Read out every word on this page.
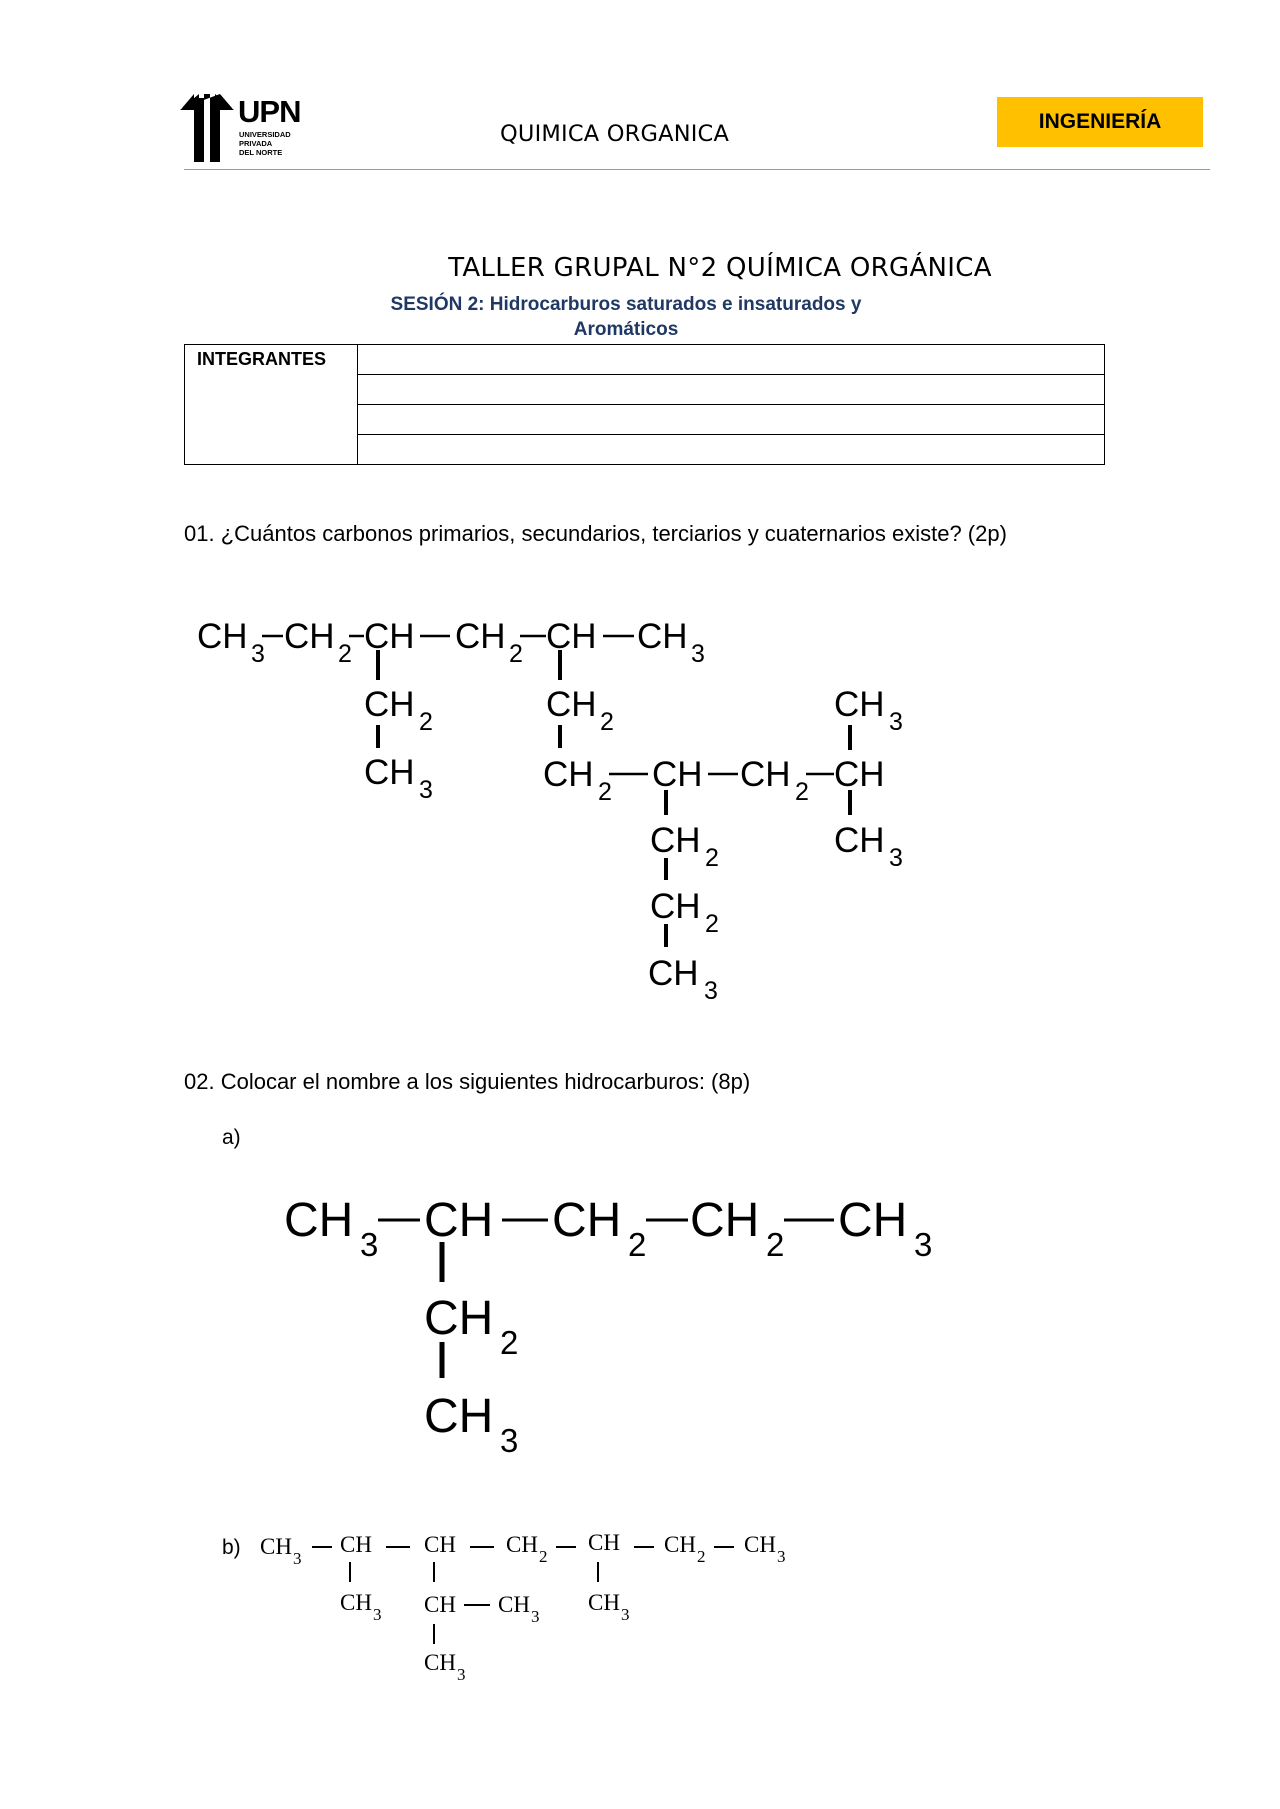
UPN
UNIVERSIDAD
PRIVADA
DEL NORTE
QUIMICA ORGANICA	INGENIERÍA
TALLER GRUPAL N°2 QUÍMICA ORGÁNICA
SESIÓN 2: Hidrocarburos saturados e insaturados y
Aromáticos
INTEGRANTES	

01. ¿Cuántos carbonos primarios, secundarios, terciarios y cuaternarios existe? (2p)
CH 3 CH 2 CH CH 2 CH CH 3
CH 2
CH 3
CH 2
CH 2 CH CH 2 CH
CH 3
CH 3
CH 2
CH 2
CH 3
02. Colocar el nombre a los siguientes hidrocarburos: (8p)
a)
CH 3 CH CH 2 CH 2 CH 3
CH 2
CH 3
b) CH 3
CH CH CH 2
CH CH 2 CH 3
CH 3 CH CH 3
CH 3
CH 3
